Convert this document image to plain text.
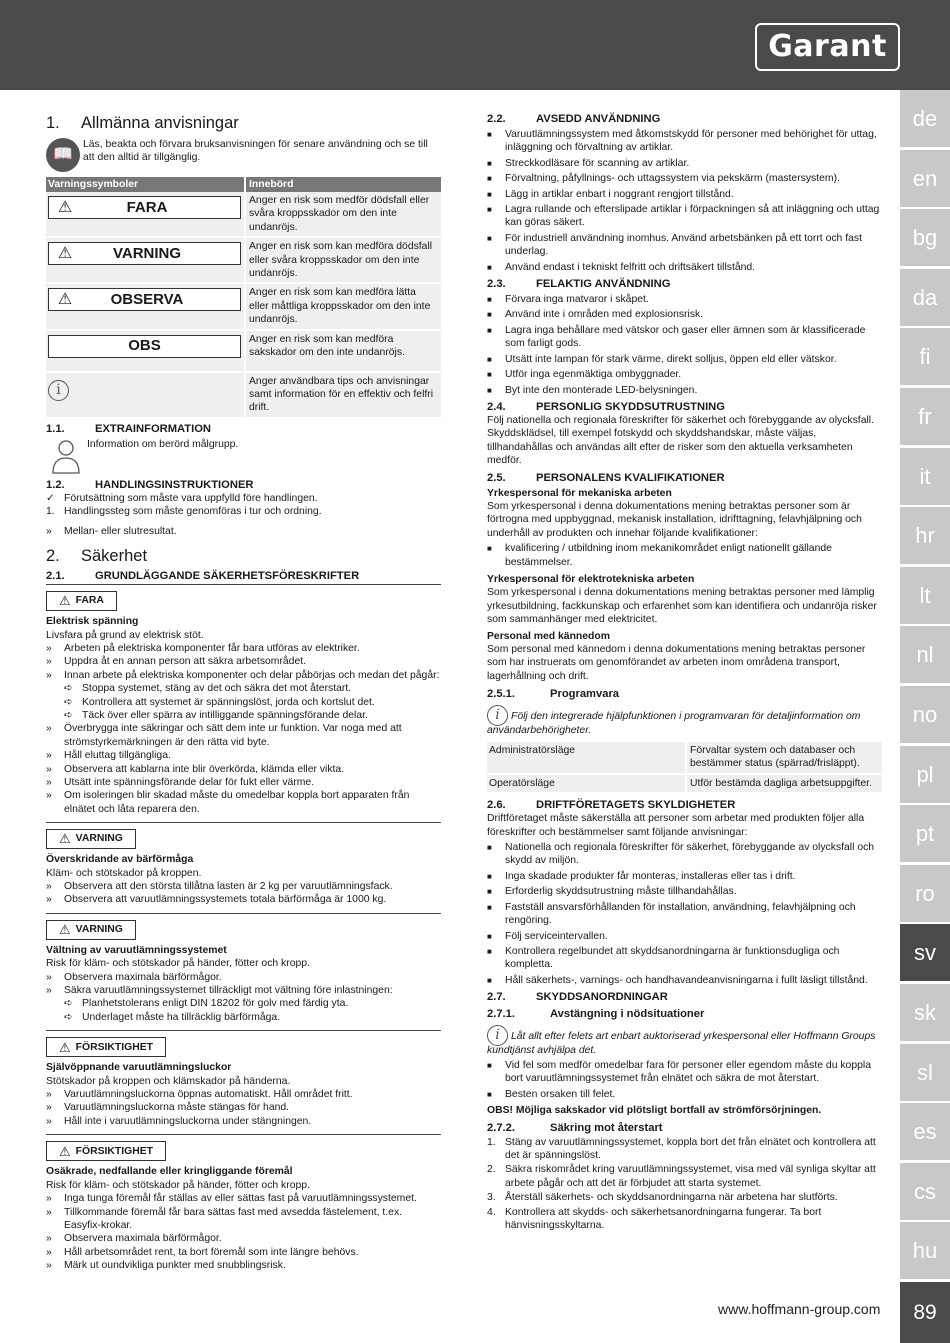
Garant
de
en
bg
da
fi
fr
it
hr
lt
nl
no
pl
pt
ro
sv
sk
sl
es
cs
hu
89
www.hoffmann-group.com
1.	Allmänna anvisningar
📖

Läs, beakta och förvara bruksanvisningen för senare användning och se till att den alltid är tillgänglig.

Varningssymboler	Innebörd
⚠	FARA	Anger en risk som medför dödsfall eller svåra kroppsskador om den inte undanröjs.
⚠	VARNING	Anger en risk som kan medföra dödsfall eller svåra kroppsskador om den inte undanröjs.
⚠	OBSERVA	Anger en risk som kan medföra lätta eller måttliga kroppsskador om den inte undanröjs.
OBS	Anger en risk som kan medföra sakskador om den inte undanröjs.
i
Anger användbara tips och anvisningar samt information för en effektiv och felfri drift.
1.1.	EXTRAINFORMATION
Information om berörd målgrupp.
1.2.	HANDLINGSINSTRUKTIONER
✓ Förutsättning som måste vara uppfylld före handlingen.
1. Handlingssteg som måste genomföras i tur och ordning.
»	Mellan- eller slutresultat.
2.	Säkerhet
2.1.	GRUNDLÄGGANDE SÄKERHETSFÖRESKRIFTER
⚠ FARA
Elektrisk spänning
Livsfara på grund av elektrisk stöt.
»	Arbeten på elektriska komponenter får bara utföras av elektriker.
»	Uppdra åt en annan person att säkra arbetsområdet.
»	Innan arbete på elektriska komponenter och delar påbörjas och medan det pågår:
➪ Stoppa systemet, stäng av det och säkra det mot återstart.
➪ Kontrollera att systemet är spänningslöst, jorda och kortslut det.
➪ Täck över eller spärra av intilliggande spänningsförande delar.
»	Överbrygga inte säkringar och sätt dem inte ur funktion. Var noga med att strömstyrkemärkningen är den rätta vid byte.
»	Håll eluttag tillgängliga.
»	Observera att kablarna inte blir överkörda, klämda eller vikta.
»	Utsätt inte spänningsförande delar för fukt eller värme.
»	Om isoleringen blir skadad måste du omedelbar koppla bort apparaten från elnätet och låta reparera den.
⚠ VARNING
Överskridande av bärförmåga
Kläm- och stötskador på kroppen.
»	Observera att den största tillåtna lasten är 2 kg per varuutlämningsfack.
»	Observera att varuutlämningssystemets totala bärförmåga är 1000 kg.
⚠ VARNING
Vältning av varuutlämningssystemet
Risk för kläm- och stötskador på händer, fötter och kropp.
»	Observera maximala bärförmågor.
»	Säkra varuutlämningssystemet tillräckligt mot vältning före inlastningen:
➪ Planhetstolerans enligt DIN 18202 för golv med färdig yta.
➪ Underlaget måste ha tillräcklig bärförmåga.
⚠ FÖRSIKTIGHET
Självöppnande varuutlämningsluckor
Stötskador på kroppen och klämskador på händerna.
»	Varuutlämningsluckorna öppnas automatiskt. Håll området fritt.
»	Varuutlämningsluckorna måste stängas för hand.
»	Håll inte i varuutlämningsluckorna under stängningen.
⚠ FÖRSIKTIGHET
Osäkrade, nedfallande eller kringliggande föremål
Risk för kläm- och stötskador på händer, fötter och kropp.
»	Inga tunga föremål får ställas av eller sättas fast på varuutlämningssystemet.
»	Tillkommande föremål får bara sättas fast med avsedda fästelement, t.ex. Easyfix-krokar.
»	Observera maximala bärförmågor.
»	Håll arbetsområdet rent, ta bort föremål som inte längre behövs.
»	Märk ut oundvikliga punkter med snubblingsrisk.
2.2.	AVSEDD ANVÄNDNING
■	Varuutlämningssystem med åtkomstskydd för personer med behörighet för uttag, inläggning och förvaltning av artiklar.
■	Streckkodläsare för scanning av artiklar.
■	Förvaltning, påfyllnings- och uttagssystem via pekskärm (mastersystem).
■	Lägg in artiklar enbart i noggrant rengjort tillstånd.
■	Lagra rullande och efterslipade artiklar i förpackningen så att inläggning och uttag kan göras säkert.
■	För industriell användning inomhus. Använd arbetsbänken på ett torrt och fast underlag.
■	Använd endast i tekniskt felfritt och driftsäkert tillstånd.
2.3.	FELAKTIG ANVÄNDNING
■	Förvara inga matvaror i skåpet.
■	Använd inte i områden med explosionsrisk.
■	Lagra inga behållare med vätskor och gaser eller ämnen som är klassificerade som farligt gods.
■	Utsätt inte lampan för stark värme, direkt solljus, öppen eld eller vätskor.
■	Utför inga egenmäktiga ombyggnader.
■	Byt inte den monterade LED-belysningen.
2.4.	PERSONLIG SKYDDSUTRUSTNING

Följ nationella och regionala föreskrifter för säkerhet och förebyggande av olycksfall. Skyddsklädsel, till exempel fotskydd och skyddshandskar, måste väljas, tillhandahållas och användas allt efter de risker som den aktuella verksamheten medför.

2.5.	PERSONALENS KVALIFIKATIONER
Yrkespersonal för mekaniska arbeten

Som yrkespersonal i denna dokumentations mening betraktas personer som är förtrogna med uppbyggnad, mekanisk installation, idrifttagning, felavhjälpning och underhåll av produkten och innehar följande kvalifikationer:

■	kvalificering / utbildning inom mekanikområdet enligt nationellt gällande bestämmelser.
Yrkespersonal för elektrotekniska arbeten

Som yrkespersonal i denna dokumentations mening betraktas personer med lämplig yrkesutbildning, fackkunskap och erfarenhet som kan identifiera och undanröja risker som sammanhänger med elektricitet.

Personal med kännedom

Som personal med kännedom i denna dokumentations mening betraktas personer som har instruerats om genomförandet av arbeten inom områdena transport, lagerhållning och drift.

2.5.1.	Programvara
i Följ den integrerade hjälpfunktionen i programvaran för detaljinformation om användarbehörigheter.
Administratörsläge	Förvaltar system och databaser och bestämmer status (spärrad/frisläppt).
Operatörsläge	Utför bestämda dagliga arbetsuppgifter.
2.6.	DRIFTFÖRETAGETS SKYLDIGHETER

Driftföretaget måste säkerställa att personer som arbetar med produkten följer alla föreskrifter och bestämmelser samt följande anvisningar:

■	Nationella och regionala föreskrifter för säkerhet, förebyggande av olycksfall och skydd av miljön.
■	Inga skadade produkter får monteras, installeras eller tas i drift.
■	Erforderlig skyddsutrustning måste tillhandahållas.
■	Fastställ ansvarsförhållanden för installation, användning, felavhjälpning och rengöring.
■	Följ serviceintervallen.
■	Kontrollera regelbundet att skyddsanordningarna är funktionsdugliga och kompletta.
■	Håll säkerhets-, varnings- och handhavandeanvisningarna i fullt läsligt tillstånd.
2.7.	SKYDDSANORDNINGAR
2.7.1.	Avstängning i nödsituationer
i Låt allt efter felets art enbart auktoriserad yrkespersonal eller Hoffmann Groups kundtjänst avhjälpa det.
■	Vid fel som medför omedelbar fara för personer eller egendom måste du koppla bort varuutlämningssystemet från elnätet och säkra de mot återstart.
■	Besten orsaken till felet.
OBS! Möjliga sakskador vid plötsligt bortfall av strömförsörjningen.
2.7.2.	Säkring mot återstart
1. Stäng av varuutlämningssystemet, koppla bort det från elnätet och kontrollera att det är spänningslöst.
2. Säkra riskområdet kring varuutlämningssystemet, visa med väl synliga skyltar att arbete pågår och att det är förbjudet att starta systemet.
3. Återställ säkerhets- och skyddsanordningarna när arbetena har slutförts.
4. Kontrollera att skydds- och säkerhetsanordningarna fungerar. Ta bort hänvisningsskyltarna.
